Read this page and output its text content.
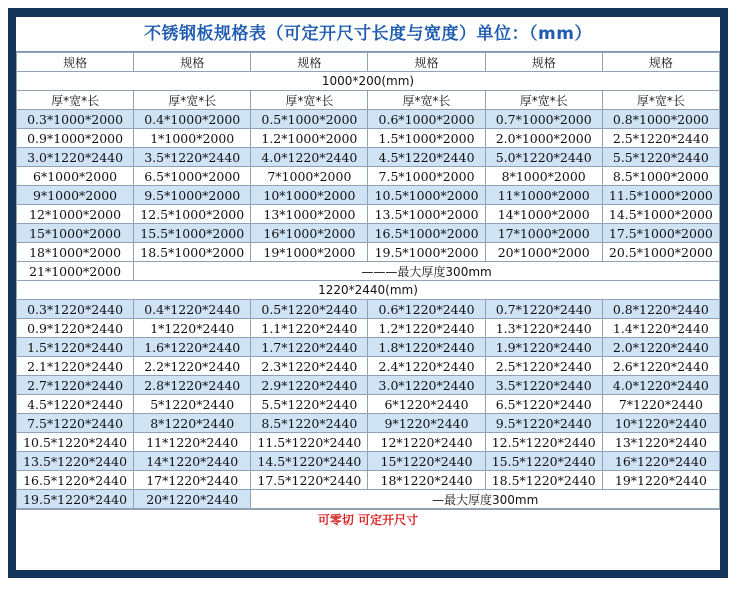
不锈钢板规格表（可定开尺寸长度与宽度）单位：（mm）
规格	规格	规格	规格	规格	规格
1000*200(mm)					
厚*宽*长	厚*宽*长	厚*宽*长	厚*宽*长	厚*宽*长	厚*宽*长
0.3*1000*2000	0.4*1000*2000	0.5*1000*2000	0.6*1000*2000	0.7*1000*2000	0.8*1000*2000
0.9*1000*2000	1*1000*2000	1.2*1000*2000	1.5*1000*2000	2.0*1000*2000	2.5*1220*2440
3.0*1220*2440	3.5*1220*2440	4.0*1220*2440	4.5*1220*2440	5.0*1220*2440	5.5*1220*2440
6*1000*2000	6.5*1000*2000	7*1000*2000	7.5*1000*2000	8*1000*2000	8.5*1000*2000
9*1000*2000	9.5*1000*2000	10*1000*2000	10.5*1000*2000	11*1000*2000	11.5*1000*2000
12*1000*2000	12.5*1000*2000	13*1000*2000	13.5*1000*2000	14*1000*2000	14.5*1000*2000
15*1000*2000	15.5*1000*2000	16*1000*2000	16.5*1000*2000	17*1000*2000	17.5*1000*2000
18*1000*2000	18.5*1000*2000	19*1000*2000	19.5*1000*2000	20*1000*2000	20.5*1000*2000
21*1000*2000	———最大厚度300mm				
1220*2440(mm)					
0.3*1220*2440	0.4*1220*2440	0.5*1220*2440	0.6*1220*2440	0.7*1220*2440	0.8*1220*2440
0.9*1220*2440	1*1220*2440	1.1*1220*2440	1.2*1220*2440	1.3*1220*2440	1.4*1220*2440
1.5*1220*2440	1.6*1220*2440	1.7*1220*2440	1.8*1220*2440	1.9*1220*2440	2.0*1220*2440
2.1*1220*2440	2.2*1220*2440	2.3*1220*2440	2.4*1220*2440	2.5*1220*2440	2.6*1220*2440
2.7*1220*2440	2.8*1220*2440	2.9*1220*2440	3.0*1220*2440	3.5*1220*2440	4.0*1220*2440
4.5*1220*2440	5*1220*2440	5.5*1220*2440	6*1220*2440	6.5*1220*2440	7*1220*2440
7.5*1220*2440	8*1220*2440	8.5*1220*2440	9*1220*2440	9.5*1220*2440	10*1220*2440
10.5*1220*2440	11*1220*2440	11.5*1220*2440	12*1220*2440	12.5*1220*2440	13*1220*2440
13.5*1220*2440	14*1220*2440	14.5*1220*2440	15*1220*2440	15.5*1220*2440	16*1220*2440
16.5*1220*2440	17*1220*2440	17.5*1220*2440	18*1220*2440	18.5*1220*2440	19*1220*2440
19.5*1220*2440	20*1220*2440	—最大厚度300mm			
可零切 可定开尺寸
